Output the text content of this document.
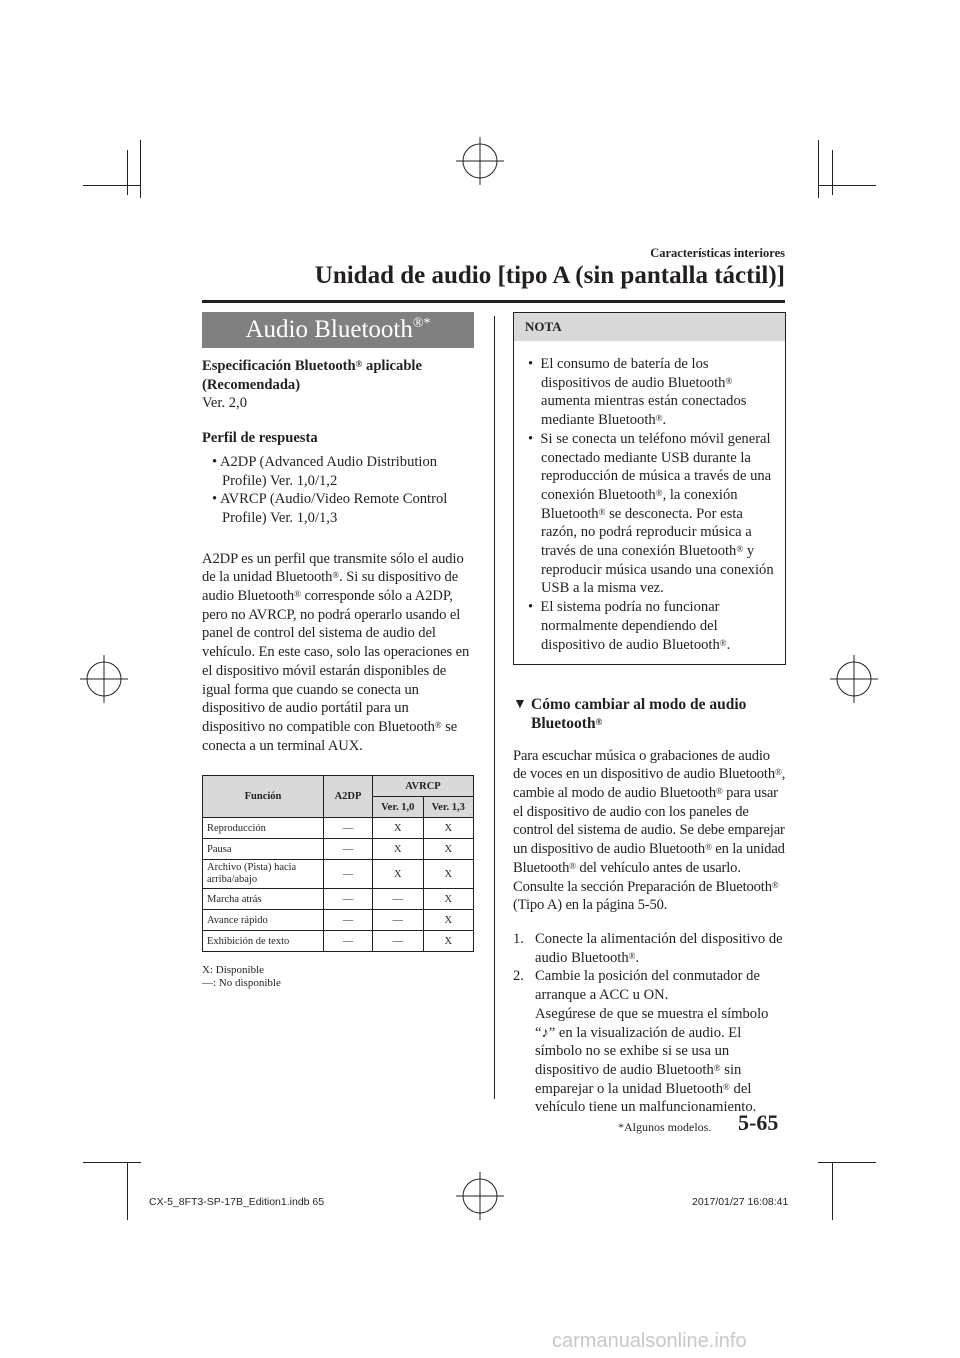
Características interiores
Unidad de audio [tipo A (sin pantalla táctil)]
Audio Bluetooth®*

Especificación Bluetooth® aplicable
(Recomendada)

Ver. 2,0

Perfil de respuesta

• A2DP (Advanced Audio Distribution Profile) Ver. 1,0/1,2

• AVRCP (Audio/Video Remote Control Profile) Ver. 1,0/1,3

A2DP es un perfil que transmite sólo el audio de la unidad Bluetooth®. Si su dispositivo de audio Bluetooth® corresponde sólo a A2DP, pero no AVRCP, no podrá operarlo usando el panel de control del sistema de audio del vehículo. En este caso, solo las operaciones en el dispositivo móvil estarán disponibles de igual forma que cuando se conecta un dispositivo de audio portátil para un dispositivo no compatible con Bluetooth® se conecta a un terminal AUX.

Función	A2DP	AVRCP	
		Ver. 1,0	Ver. 1,3
Reproducción	—	X	X
Pausa	—	X	X
Archivo (Pista) hacia arriba/abajo	—	X	X
Marcha atrás	—	—	X
Avance rápido	—	—	X
Exhibición de texto	—	—	X
X: Disponible
—: No disponible
NOTA

•  El consumo de batería de los dispositivos de audio Bluetooth® aumenta mientras están conectados mediante Bluetooth®.

•  Si se conecta un teléfono móvil general conectado mediante USB durante la reproducción de música a través de una conexión Bluetooth®, la conexión Bluetooth® se desconecta. Por esta razón, no podrá reproducir música a través de una conexión Bluetooth® y reproducir música usando una conexión USB a la misma vez.

•  El sistema podría no funcionar normalmente dependiendo del dispositivo de audio Bluetooth®.

▼ Cómo cambiar al modo de audio
Bluetooth®

Para escuchar música o grabaciones de audio de voces en un dispositivo de audio Bluetooth®, cambie al modo de audio Bluetooth® para usar el dispositivo de audio con los paneles de control del sistema de audio. Se debe emparejar un dispositivo de audio Bluetooth® en la unidad Bluetooth® del vehículo antes de usarlo.
Consulte la sección Preparación de Bluetooth® (Tipo A) en la página 5-50.

1. Conecte la alimentación del dispositivo de audio Bluetooth®.

2. Cambie la posición del conmutador de arranque a ACC u ON.
Asegúrese de que se muestra el símbolo “♪” en la visualización de audio. El símbolo no se exhibe si se usa un dispositivo de audio Bluetooth® sin emparejar o la unidad Bluetooth® del vehículo tiene un malfuncionamiento.

*Algunos modelos. 5-65
CX-5_8FT3-SP-17B_Edition1.indb 65	2017/01/27 16:08:41
carmanualsonline.info
